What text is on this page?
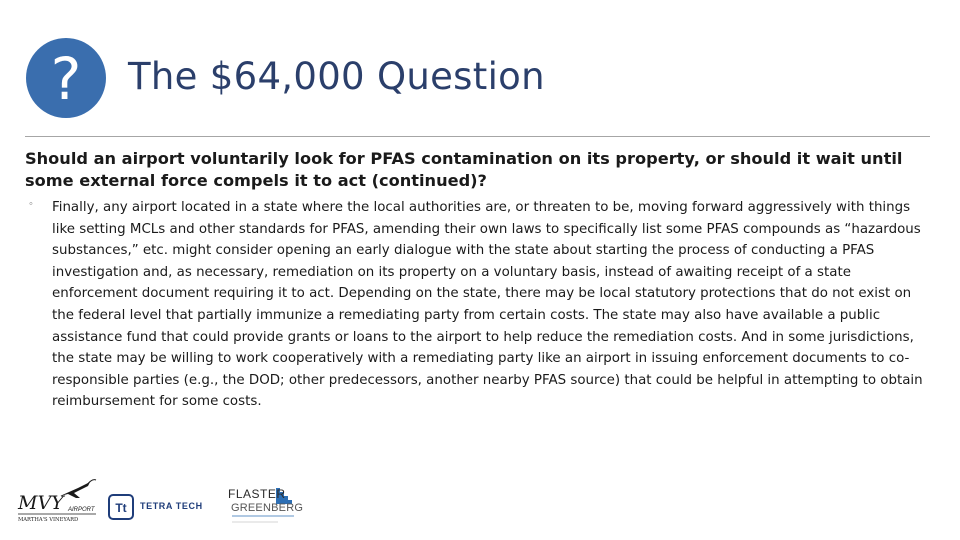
? The $64,000 Question
Should an airport voluntarily look for PFAS contamination on its property, or should it wait until some external force compels it to act (continued)?
◦ Finally, any airport located in a state where the local authorities are, or threaten to be, moving forward aggressively with things like setting MCLs and other standards for PFAS, amending their own laws to specifically list some PFAS compounds as “hazardous substances,” etc. might consider opening an early dialogue with the state about starting the process of conducting a PFAS investigation and, as necessary, remediation on its property on a voluntary basis, instead of awaiting receipt of a state enforcement document requiring it to act. Depending on the state, there may be local statutory protections that do not exist on the federal level that partially immunize a remediating party from certain costs. The state may also have available a public assistance fund that could provide grants or loans to the airport to help reduce the remediation costs. And in some jurisdictions, the state may be willing to work cooperatively with a remediating party like an airport in issuing enforcement documents to co-responsible parties (e.g., the DOD; other predecessors, another nearby PFAS source) that could be helpful in attempting to obtain reimbursement for some costs.
MVY AIRPORT
MARTHA'S VINEYARD
Tt TETRA TECH
FLASTER
GREENBERG
